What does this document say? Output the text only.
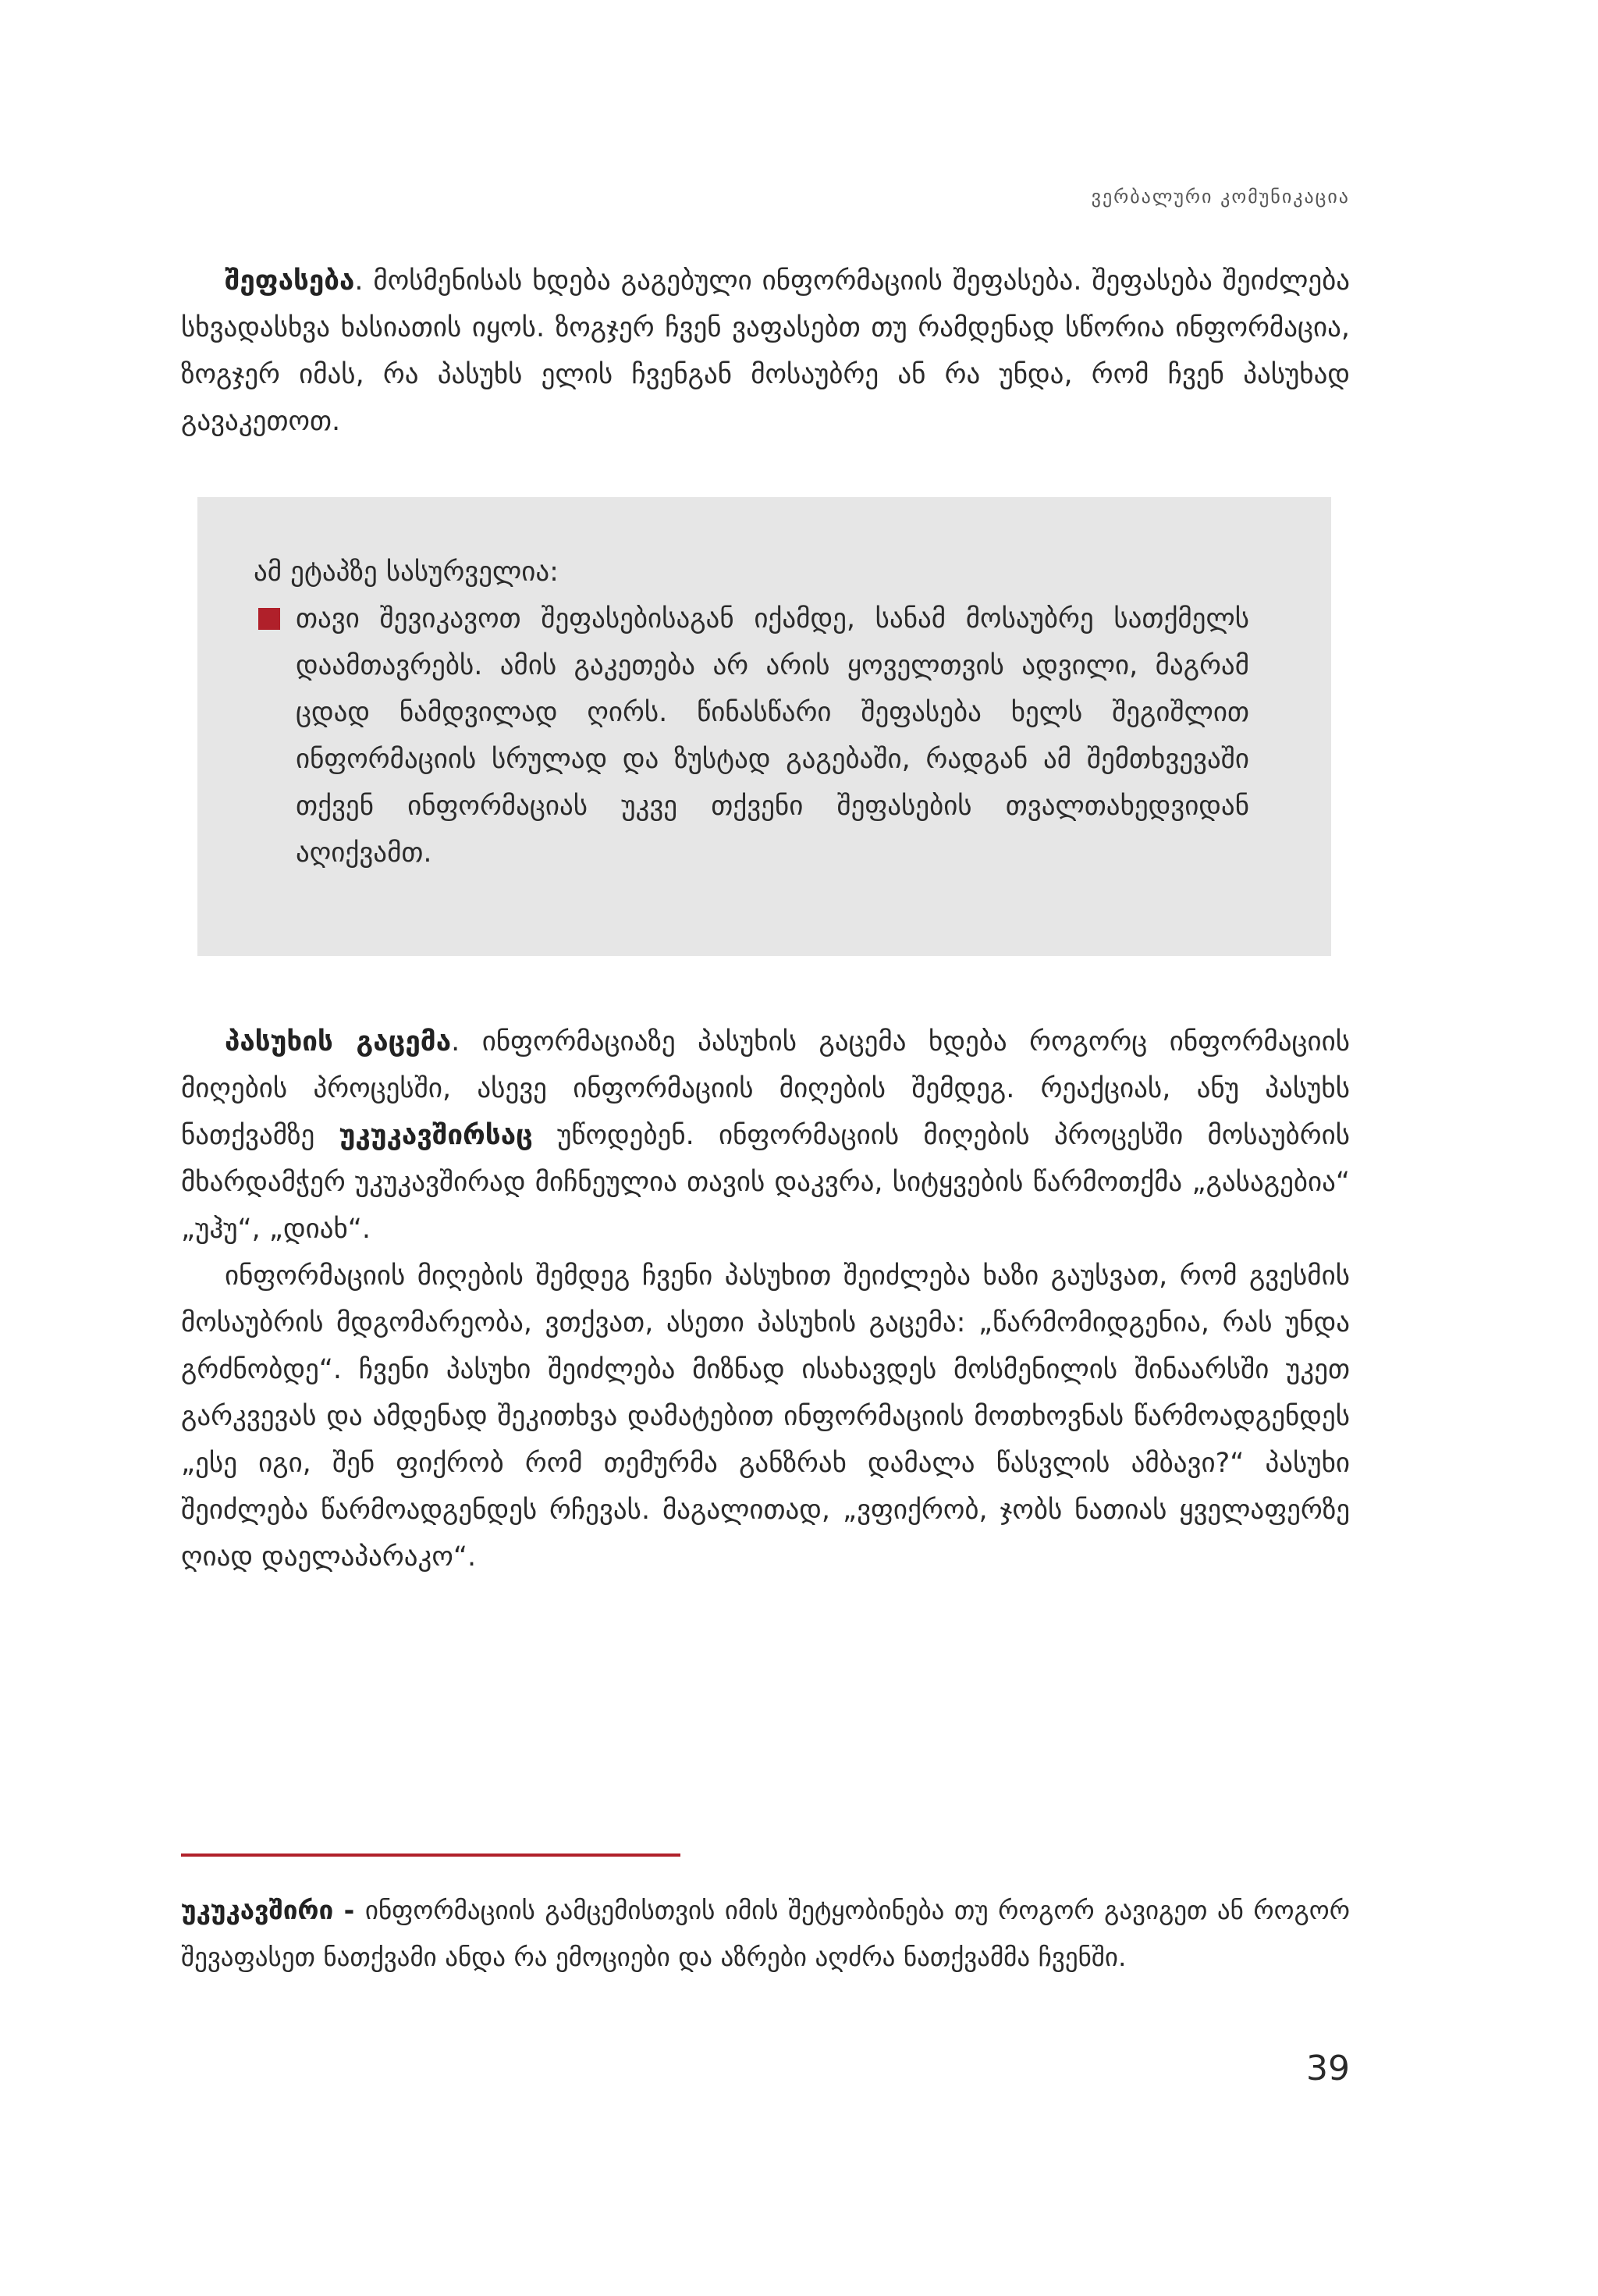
ვერბალური კომუნიკაცია

შეფასება. მოსმენისას ხდება გაგებული ინფორმაციის შეფასება. შეფასება შეიძლება სხვადასხვა ხასიათის იყოს. ზოგჯერ ჩვენ ვაფასებთ თუ რამდენად სწორია ინფორმაცია, ზოგჯერ იმას, რა პასუხს ელის ჩვენგან მოსაუბრე ან რა უნდა, რომ ჩვენ პასუხად გავაკეთოთ.

ამ ეტაპზე სასურველია:

თავი შევიკავოთ შეფასებისაგან იქამდე, სანამ მოსაუბრე სათქმელს დაამთავრებს. ამის გაკეთება არ არის ყოველთვის ადვილი, მაგრამ ცდად ნამდვილად ღირს. წინასწარი შეფასება ხელს შეგიშლით ინფორმაციის სრულად და ზუსტად გაგებაში, რადგან ამ შემთხვევაში თქვენ ინფორმაციას უკვე თქვენი შეფასების თვალთახედვიდან აღიქვამთ.

პასუხის გაცემა. ინფორმაციაზე პასუხის გაცემა ხდება როგორც ინფორმაციის მიღების პროცესში, ასევე ინფორმაციის მიღების შემდეგ. რეაქციას, ანუ პასუხს ნათქვამზე უკუკავშირსაც უწოდებენ. ინფორმაციის მიღების პროცესში მოსაუბრის მხარდამჭერ უკუკავშირად მიჩნეულია თავის დაკვრა, სიტყვების წარმოთქმა „გასაგებია“ „უჰუ“, „დიახ“.
ინფორმაციის მიღების შემდეგ ჩვენი პასუხით შეიძლება ხაზი გაუსვათ, რომ გვესმის მოსაუბრის მდგომარეობა, ვთქვათ, ასეთი პასუხის გაცემა: „წარმომიდგენია, რას უნდა გრძნობდე“. ჩვენი პასუხი შეიძლება მიზნად ისახავდეს მოსმენილის შინაარსში უკეთ გარკვევას და ამდენად შეკითხვა დამატებით ინფორმაციის მოთხოვნას წარმოადგენდეს „ესე იგი, შენ ფიქრობ რომ თემურმა განზრახ დამალა წასვლის ამბავი?“ პასუხი შეიძლება წარმოადგენდეს რჩევას. მაგალითად, „ვფიქრობ, ჯობს ნათიას ყველაფერზე ღიად დაელაპარაკო“.

უკუკავშირი - ინფორმაციის გამცემისთვის იმის შეტყობინება თუ როგორ გავიგეთ ან როგორ შევაფასეთ ნათქვამი ანდა რა ემოციები და აზრები აღძრა ნათქვამმა ჩვენში.

39
